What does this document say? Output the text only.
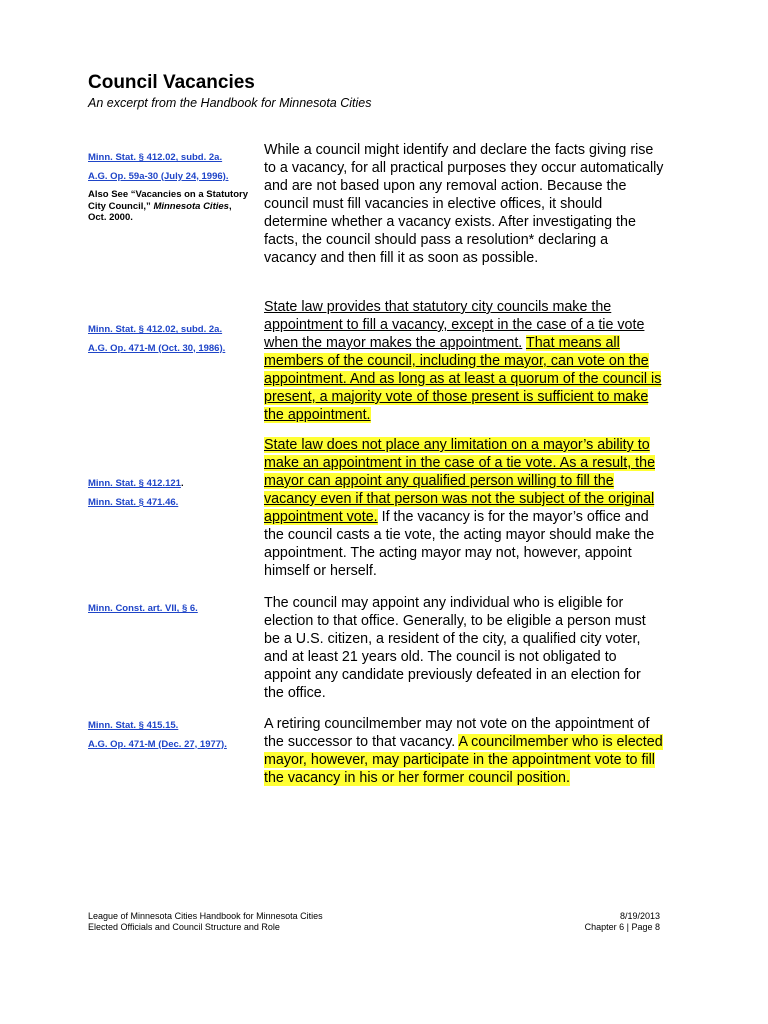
Council Vacancies
An excerpt from the Handbook for Minnesota Cities

Minn. Stat. § 412.02, subd. 2a.

A.G. Op. 59a-30 (July 24, 1996).

Also See “Vacancies on a Statutory City Council,” Minnesota Cities, Oct. 2000.

Minn. Stat. § 412.02, subd. 2a.

A.G. Op. 471-M (Oct. 30, 1986).

Minn. Stat. § 412.121.

Minn. Stat. § 471.46.

Minn. Const. art. VII, § 6.

Minn. Stat. § 415.15.

A.G. Op. 471-M (Dec. 27, 1977).

While a council might identify and declare the facts giving rise to a vacancy, for all practical purposes they occur automatically and are not based upon any removal action. Because the council must fill vacancies in elective offices, it should determine whether a vacancy exists. After investigating the facts, the council should pass a resolution* declaring a vacancy and then fill it as soon as possible.

State law provides that statutory city councils make the appointment to fill a vacancy, except in the case of a tie vote when the mayor makes the appointment. That means all members of the council, including the mayor, can vote on the appointment. And as long as at least a quorum of the council is present, a majority vote of those present is sufficient to make the appointment.

State law does not place any limitation on a mayor’s ability to make an appointment in the case of a tie vote. As a result, the mayor can appoint any qualified person willing to fill the vacancy even if that person was not the subject of the original appointment vote. If the vacancy is for the mayor’s office and the council casts a tie vote, the acting mayor should make the appointment. The acting mayor may not, however, appoint himself or herself.

The council may appoint any individual who is eligible for election to that office. Generally, to be eligible a person must be a U.S. citizen, a resident of the city, a qualified city voter, and at least 21 years old. The council is not obligated to appoint any candidate previously defeated in an election for the office.

A retiring councilmember may not vote on the appointment of the successor to that vacancy. A councilmember who is elected mayor, however, may participate in the appointment vote to fill the vacancy in his or her former council position.

League of Minnesota Cities Handbook for Minnesota Cities
Elected Officials and Council Structure and Role
8/19/2013
Chapter 6 | Page 8
